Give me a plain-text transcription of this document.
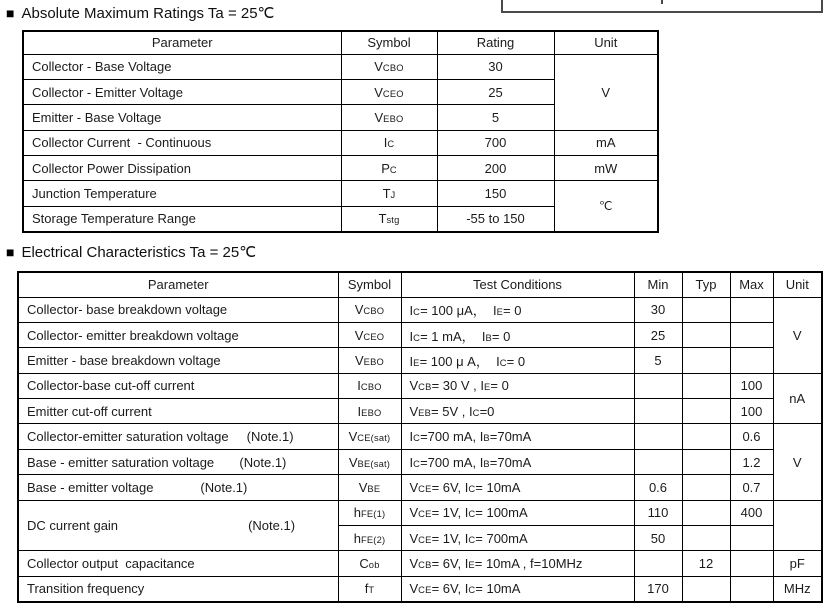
■ Absolute Maximum Ratings Ta = 25℃
Parameter	Symbol	Rating	Unit
Collector - Base Voltage	VCBO	30	V
Collector - Emitter Voltage	VCEO	25	
Emitter - Base Voltage	VEBO	5	
Collector Current  - Continuous	IC	700	mA
Collector Power Dissipation	PC	200	mW
Junction Temperature	TJ	150	℃
Storage Temperature Range	Tstg	-55 to 150	
■ Electrical Characteristics Ta = 25℃
Parameter	Symbol	Test Conditions	Min	Typ	Max	Unit
Collector- base breakdown voltage	VCBO	IC= 100 μA，  IE= 0	30			V
Collector- emitter breakdown voltage	VCEO	IC= 1 mA，  IB= 0	25			
Emitter - base breakdown voltage	VEBO	IE= 100 μ A，  IC= 0	5			
Collector-base cut-off current	ICBO	VCB= 30 V , IE= 0			100	nA
Emitter cut-off current	IEBO	VEB= 5V , IC=0			100	
Collector-emitter saturation voltage     (Note.1)	VCE(sat)	IC=700 mA, IB=70mA			0.6	V
Base - emitter saturation voltage       (Note.1)	VBE(sat)	IC=700 mA, IB=70mA			1.2	
Base - emitter voltage             (Note.1)	VBE	VCE= 6V, IC= 10mA	0.6		0.7	
DC current gain                                    (Note.1)	hFE(1)	VCE= 1V, IC= 100mA	110		400	
	hFE(2)	VCE= 1V, IC= 700mA	50			
Collector output  capacitance	Cob	VCB= 6V, IE= 10mA , f=10MHz		12		pF
Transition frequency	fT	VCE= 6V, IC= 10mA	170			MHz
